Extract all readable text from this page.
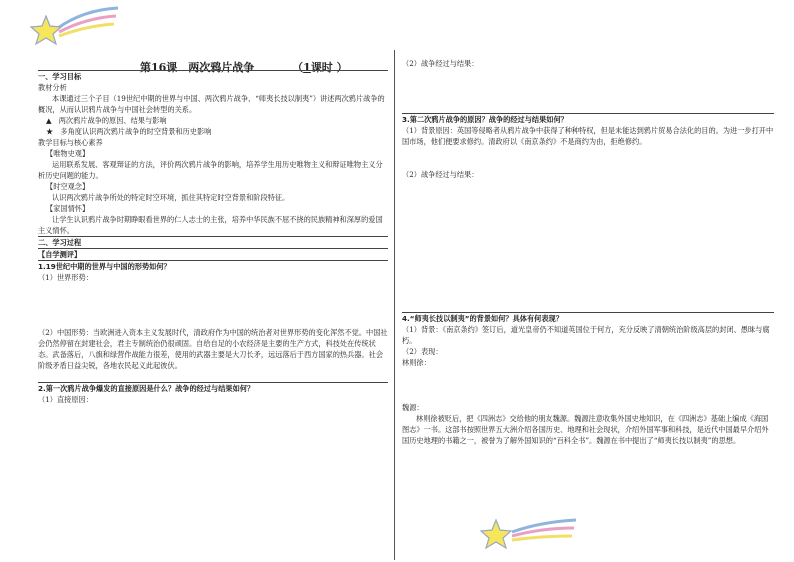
第16课　两次鸦片战争	（1课时 ）

一、学习目标

教材分析

本课通过三个子目（19世纪中期的世界与中国、两次鸦片战争、“师夷长技以制夷”）讲述两次鸦片战争的概况，从而认识鸦片战争与中国社会转型的关系。

▲　两次鸦片战争的原因、结果与影响

★　多角度认识两次鸦片战争的时空背景和历史影响

教学目标与核心素养

【唯物史观】

运用联系发展、客观辩证的方法，评价两次鸦片战争的影响，培养学生用历史唯物主义和辩证唯物主义分析历史问题的能力。

【时空观念】

认识两次鸦片战争所处的特定时空环境，抓住其特定时空背景和阶段特征。

【家国情怀】

让学生认识鸦片战争时期睁眼看世界的仁人志士的主张，培养中华民族不屈不挠的民族精神和深厚的爱国主义情怀。

二、学习过程

【自学测评】

1.19世纪中期的世界与中国的形势如何？

（1）世界形势：

（2）中国形势：当欧洲进入资本主义发展时代，清政府作为中国的统治者对世界形势的变化浑然不觉。中国社会仍然停留在封建社会，君主专制统治仍很顽固。自给自足的小农经济是主要的生产方式，科技处在传统状态。武备落后，八旗和绿营作战能力很差，使用的武器主要是大刀长矛，远远落后于西方国家的热兵器。社会阶级矛盾日益尖锐，各地农民起义此起彼伏。

2.第一次鸦片战争爆发的直接原因是什么？战争的经过与结果如何？

（1）直接原因：

（2）战争经过与结果：

3.第二次鸦片战争的原因？战争的经过与结果如何？

（1）背景原因：英国等侵略者从鸦片战争中获得了种种特权，但是未能达到鸦片贸易合法化的目的。为进一步打开中国市场，他们便要求修约。清政府以《南京条约》不是商约为由，拒绝修约。

（2）战争经过与结果：

4.“师夷长技以制夷”的背景如何？具体有何表现？

（1）背景：《南京条约》签订后，道光皇帝仍不知道英国位于何方，充分反映了清朝统治阶级高层的封闭、愚昧与腐朽。

（2）表现：

林则徐：

魏源：

林则徐被贬后，把《四洲志》交给他的朋友魏源。魏源注意收集外国史地知识，在《四洲志》基础上编成《海国图志》一书。这部书按照世界五大洲介绍各国历史、地理和社会现状，介绍外国军事和科技，是近代中国最早介绍外国历史地理的书籍之一，被誉为了解外国知识的“百科全书”。魏源在书中提出了“师夷长技以制夷”的思想。
